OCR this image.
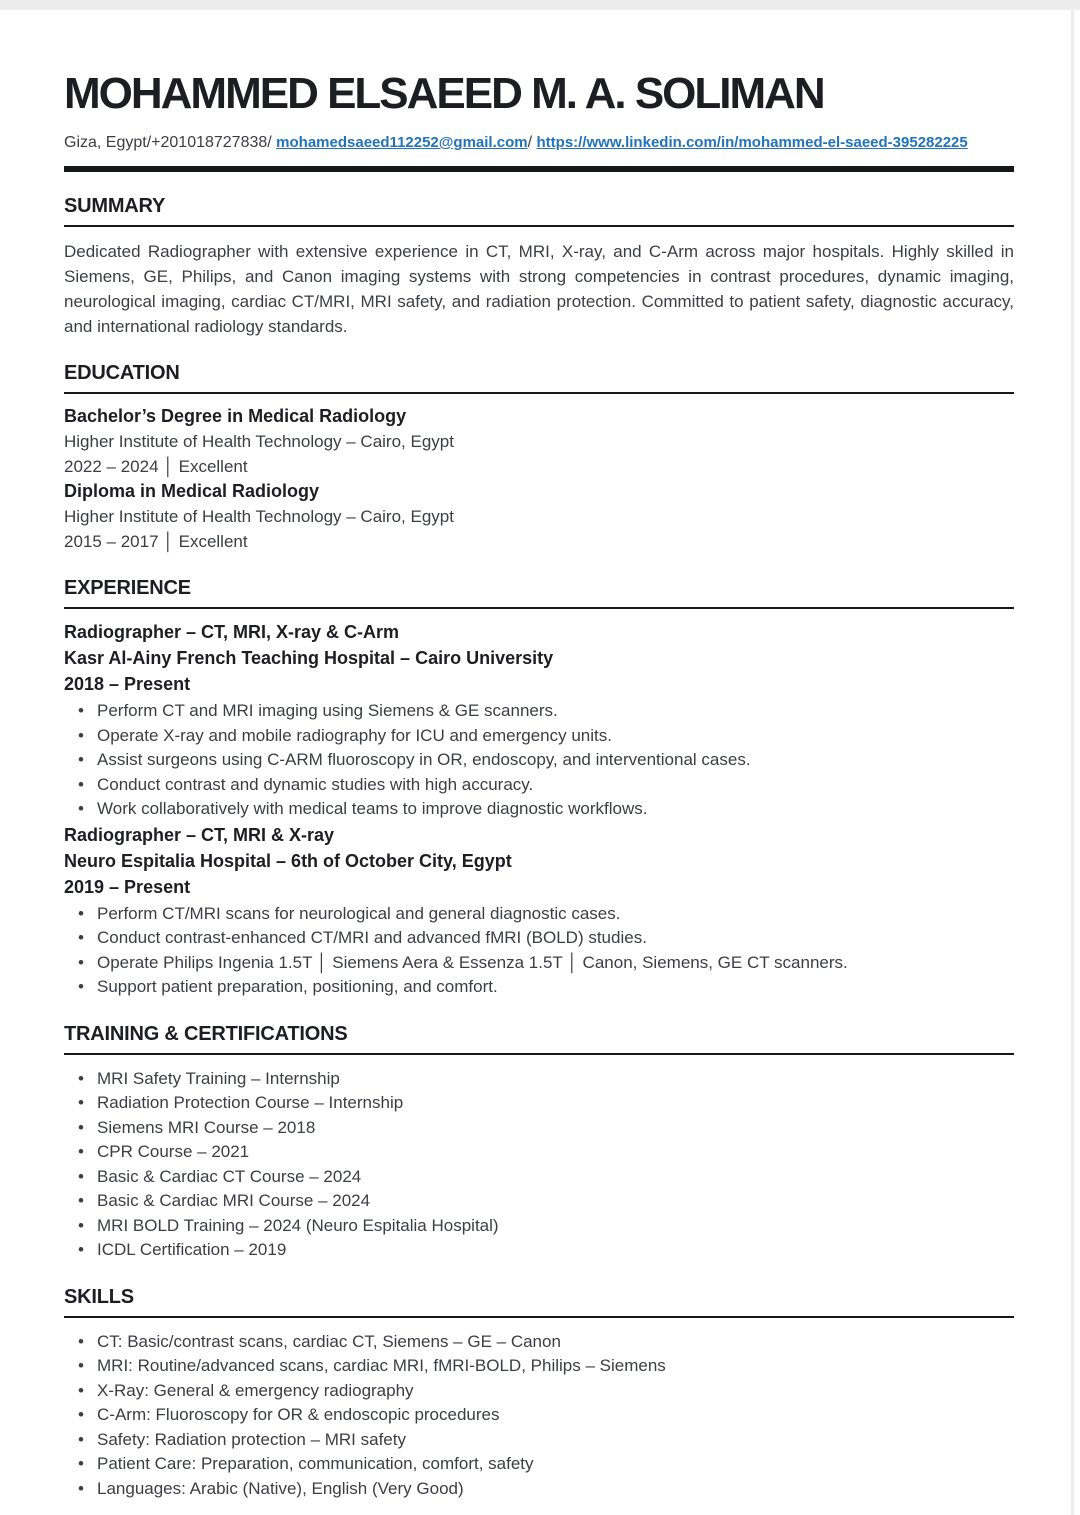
MOHAMMED ELSAEED M. A. SOLIMAN

Giza, Egypt/+201018727838/ mohamedsaeed112252@gmail.com/ https://www.linkedin.com/in/mohammed-el-saeed-395282225

SUMMARY

Dedicated Radiographer with extensive experience in CT, MRI, X-ray, and C-Arm across major hospitals. Highly skilled in Siemens, GE, Philips, and Canon imaging systems with strong competencies in contrast procedures, dynamic imaging, neurological imaging, cardiac CT/MRI, MRI safety, and radiation protection. Committed to patient safety, diagnostic accuracy, and international radiology standards.

EDUCATION
Bachelor’s Degree in Medical Radiology
Higher Institute of Health Technology – Cairo, Egypt
2022 – 2024 │ Excellent
Diploma in Medical Radiology
Higher Institute of Health Technology – Cairo, Egypt
2015 – 2017 │ Excellent
EXPERIENCE
Radiographer – CT, MRI, X-ray & C-Arm
Kasr Al-Ainy French Teaching Hospital – Cairo University
2018 – Present
• Perform CT and MRI imaging using Siemens & GE scanners.
• Operate X-ray and mobile radiography for ICU and emergency units.
• Assist surgeons using C-ARM fluoroscopy in OR, endoscopy, and interventional cases.
• Conduct contrast and dynamic studies with high accuracy.
• Work collaboratively with medical teams to improve diagnostic workflows.
Radiographer – CT, MRI & X-ray
Neuro Espitalia Hospital – 6th of October City, Egypt
2019 – Present
• Perform CT/MRI scans for neurological and general diagnostic cases.
• Conduct contrast-enhanced CT/MRI and advanced fMRI (BOLD) studies.
• Operate Philips Ingenia 1.5T │ Siemens Aera & Essenza 1.5T │ Canon, Siemens, GE CT scanners.
• Support patient preparation, positioning, and comfort.
TRAINING & CERTIFICATIONS
• MRI Safety Training – Internship
• Radiation Protection Course – Internship
• Siemens MRI Course – 2018
• CPR Course – 2021
• Basic & Cardiac CT Course – 2024
• Basic & Cardiac MRI Course – 2024
• MRI BOLD Training – 2024 (Neuro Espitalia Hospital)
• ICDL Certification – 2019
SKILLS
• CT: Basic/contrast scans, cardiac CT, Siemens – GE – Canon
• MRI: Routine/advanced scans, cardiac MRI, fMRI-BOLD, Philips – Siemens
• X-Ray: General & emergency radiography
• C-Arm: Fluoroscopy for OR & endoscopic procedures
• Safety: Radiation protection – MRI safety
• Patient Care: Preparation, communication, comfort, safety
• Languages: Arabic (Native), English (Very Good)
